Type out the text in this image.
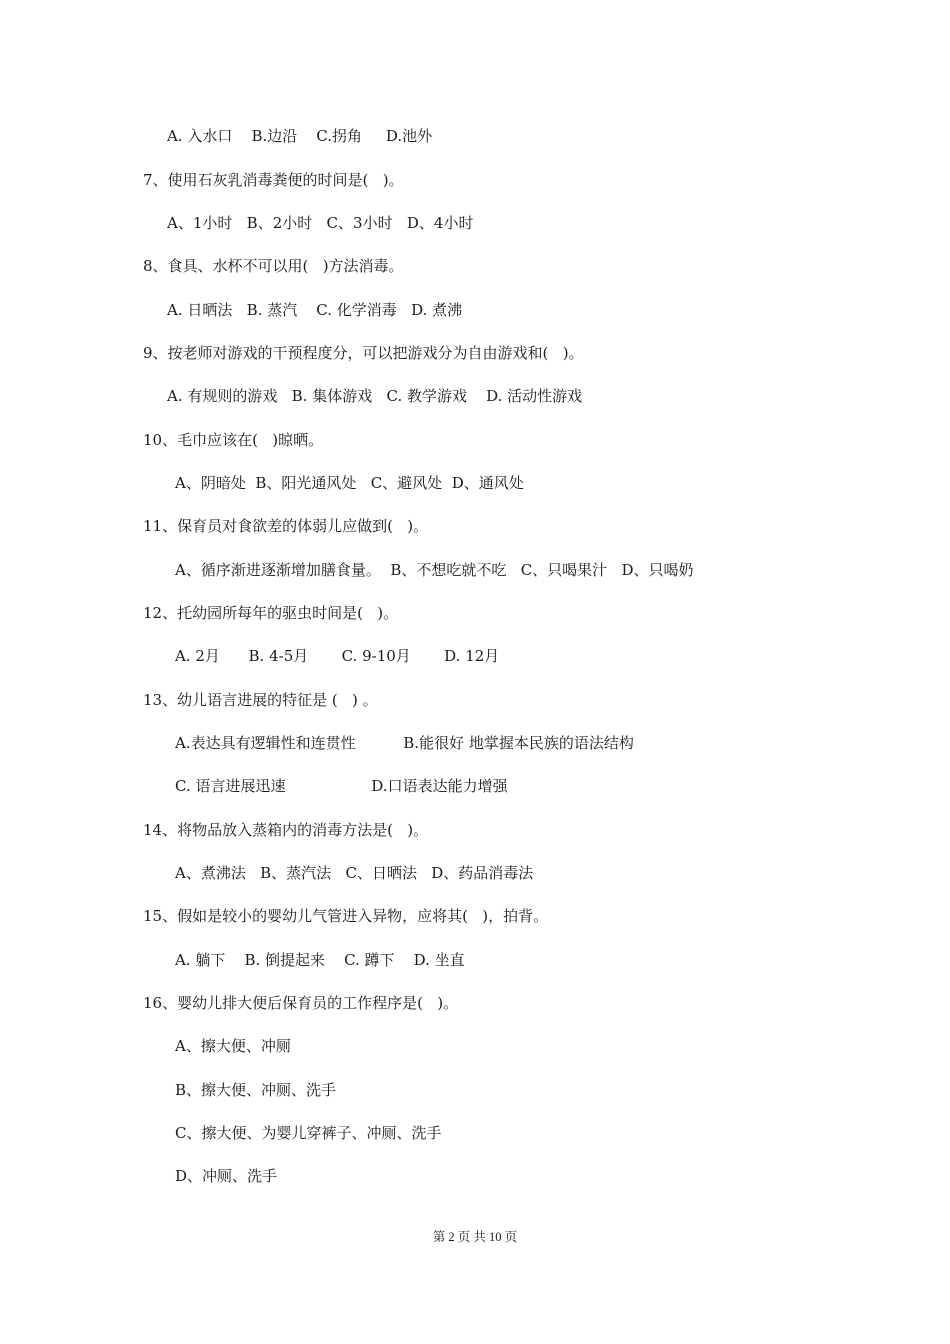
A. 入水口    B.边沿    C.拐角     D.池外
7、使用石灰乳消毒粪便的时间是(   )。
A、1小时   B、2小时   C、3小时   D、4小时
8、食具、水杯不可以用(   )方法消毒。
A. 日晒法   B. 蒸汽    C. 化学消毒   D. 煮沸
9、按老师对游戏的干预程度分，可以把游戏分为自由游戏和(   )。
A. 有规则的游戏   B. 集体游戏   C. 教学游戏    D. 活动性游戏
10、毛巾应该在(   )晾晒。
A、阴暗处  B、阳光通风处   C、避风处  D、通风处
11、保育员对食欲差的体弱儿应做到(   )。
A、循序渐进逐渐增加膳食量。  B、不想吃就不吃   C、只喝果汁   D、只喝奶
12、托幼园所每年的驱虫时间是(   )。
A. 2月      B. 4-5月       C. 9-10月       D. 12月
13、幼儿语言进展的特征是 (   ) 。
A.表达具有逻辑性和连贯性          B.能很好 地掌握本民族的语法结构
C. 语言进展迅速                  D.口语表达能力增强
14、将物品放入蒸箱内的消毒方法是(   )。
A、煮沸法   B、蒸汽法   C、日晒法   D、药品消毒法
15、假如是较小的婴幼儿气管进入异物，应将其(   )，拍背。
A. 躺下    B. 倒提起来    C. 蹲下    D. 坐直
16、婴幼儿排大便后保育员的工作程序是(   )。
A、擦大便、冲厕
B、擦大便、冲厕、洗手
C、擦大便、为婴儿穿裤子、冲厕、洗手
D、冲厕、洗手
第 2 页 共 10 页
